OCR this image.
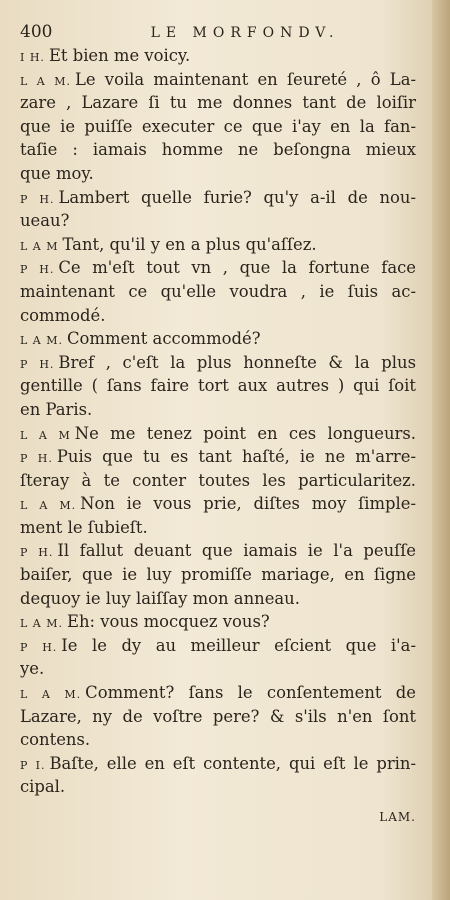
400	LE MORFONDV.
I H. Et bien me voicy.
L A M. Le voila maintenant en ſeureté , ô La-
zare , Lazare ſi tu me donnes tant de loiſir
que ie puiſſe executer ce que i'ay en la fan-
taſie : iamais homme ne beſongna mieux
que moy.
P H. Lambert quelle furie? qu'y a-il de nou-
ueau?
L A M Tant, qu'il y en a plus qu'aſſez.
P H. Ce m'eſt tout vn , que la fortune face
maintenant ce qu'elle voudra , ie ſuis ac-
commodé.
L A M. Comment accommodé?
P H. Bref , c'eſt la plus honneſte & la plus
gentille ( ſans faire tort aux autres ) qui ſoit
en Paris.
L A M Ne me tenez point en ces longueurs.
P H. Puis que tu es tant haſté, ie ne m'arre-
ſteray à te conter toutes les particularitez.
L A M. Non ie vous prie, diſtes moy ſimple-
ment le ſubieſt.
P H. Il fallut deuant que iamais ie l'a peuſſe
baiſer, que ie luy promiſſe mariage, en ſigne
dequoy ie luy laiſſay mon anneau.
L A M. Eh: vous mocquez vous?
P H. Ie le dy au meilleur eſcient que i'a-
ye.
L A M. Comment? ſans le conſentement de
Lazare, ny de voſtre pere? & s'ils n'en ſont
contens.
P I. Baſte, elle en eſt contente, qui eſt le prin-
cipal.
LAM.
